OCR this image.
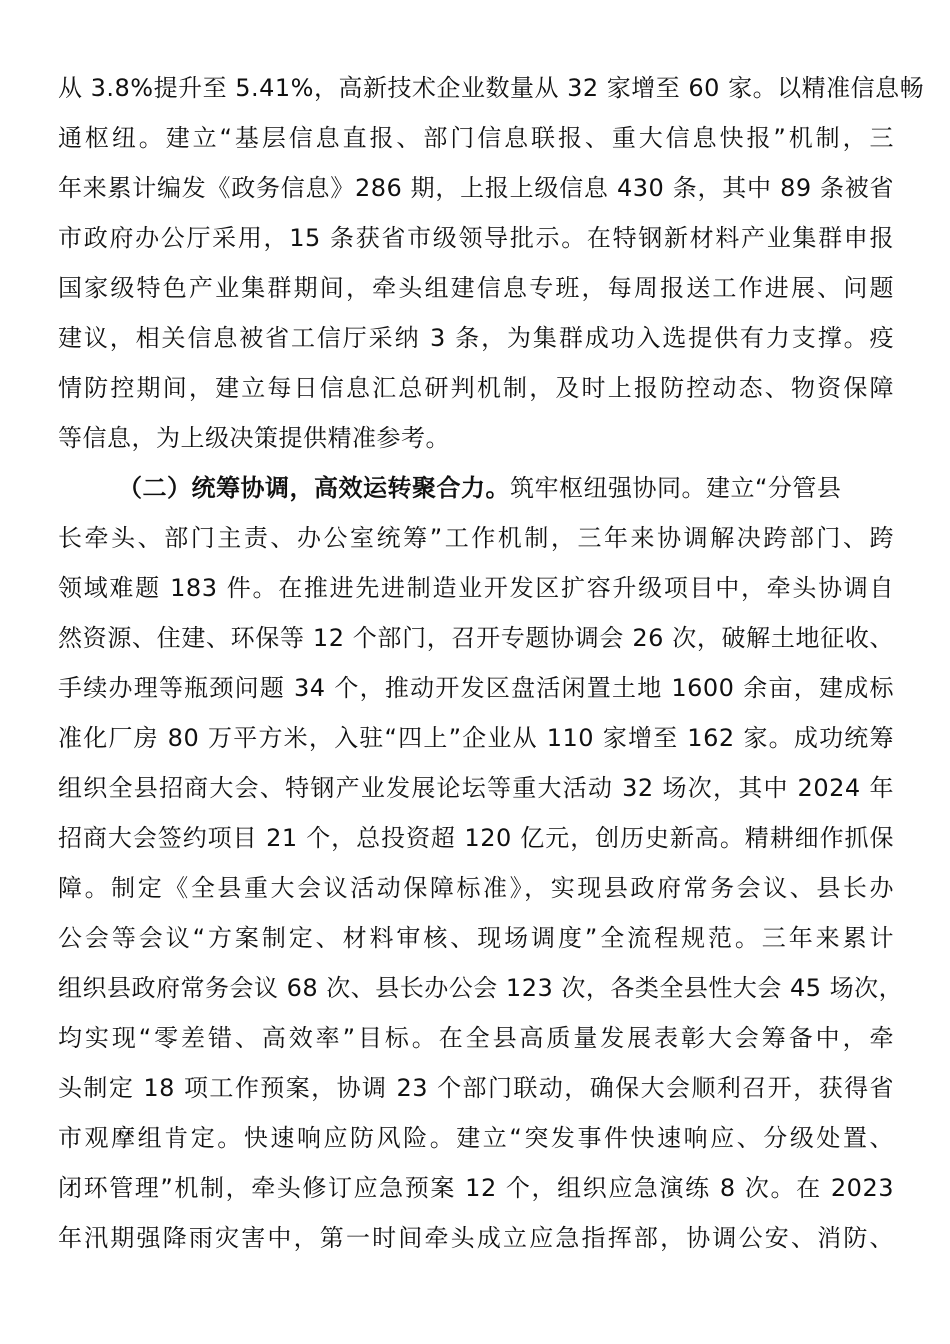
从 3.8%提升至 5.41%，高新技术企业数量从 32 家增至 60 家。以精准信息畅
通枢纽。建立“基层信息直报、部门信息联报、重大信息快报”机制，三
年来累计编发《政务信息》286 期，上报上级信息 430 条，其中 89 条被省
市政府办公厅采用，15 条获省市级领导批示。在特钢新材料产业集群申报
国家级特色产业集群期间，牵头组建信息专班，每周报送工作进展、问题
建议，相关信息被省工信厅采纳 3 条，为集群成功入选提供有力支撑。疫
情防控期间，建立每日信息汇总研判机制，及时上报防控动态、物资保障
等信息，为上级决策提供精准参考。
（二）统筹协调，高效运转聚合力。筑牢枢纽强协同。建立“分管县
长牵头、部门主责、办公室统筹”工作机制，三年来协调解决跨部门、跨
领域难题 183 件。在推进先进制造业开发区扩容升级项目中，牵头协调自
然资源、住建、环保等 12 个部门，召开专题协调会 26 次，破解土地征收、
手续办理等瓶颈问题 34 个，推动开发区盘活闲置土地 1600 余亩，建成标
准化厂房 80 万平方米，入驻“四上”企业从 110 家增至 162 家。成功统筹
组织全县招商大会、特钢产业发展论坛等重大活动 32 场次，其中 2024 年
招商大会签约项目 21 个，总投资超 120 亿元，创历史新高。精耕细作抓保
障。制定《全县重大会议活动保障标准》，实现县政府常务会议、县长办
公会等会议“方案制定、材料审核、现场调度”全流程规范。三年来累计
组织县政府常务会议 68 次、县长办公会 123 次，各类全县性大会 45 场次，
均实现“零差错、高效率”目标。在全县高质量发展表彰大会筹备中，牵
头制定 18 项工作预案，协调 23 个部门联动，确保大会顺利召开，获得省
市观摩组肯定。快速响应防风险。建立“突发事件快速响应、分级处置、
闭环管理”机制，牵头修订应急预案 12 个，组织应急演练 8 次。在 2023
年汛期强降雨灾害中，第一时间牵头成立应急指挥部，协调公安、消防、
